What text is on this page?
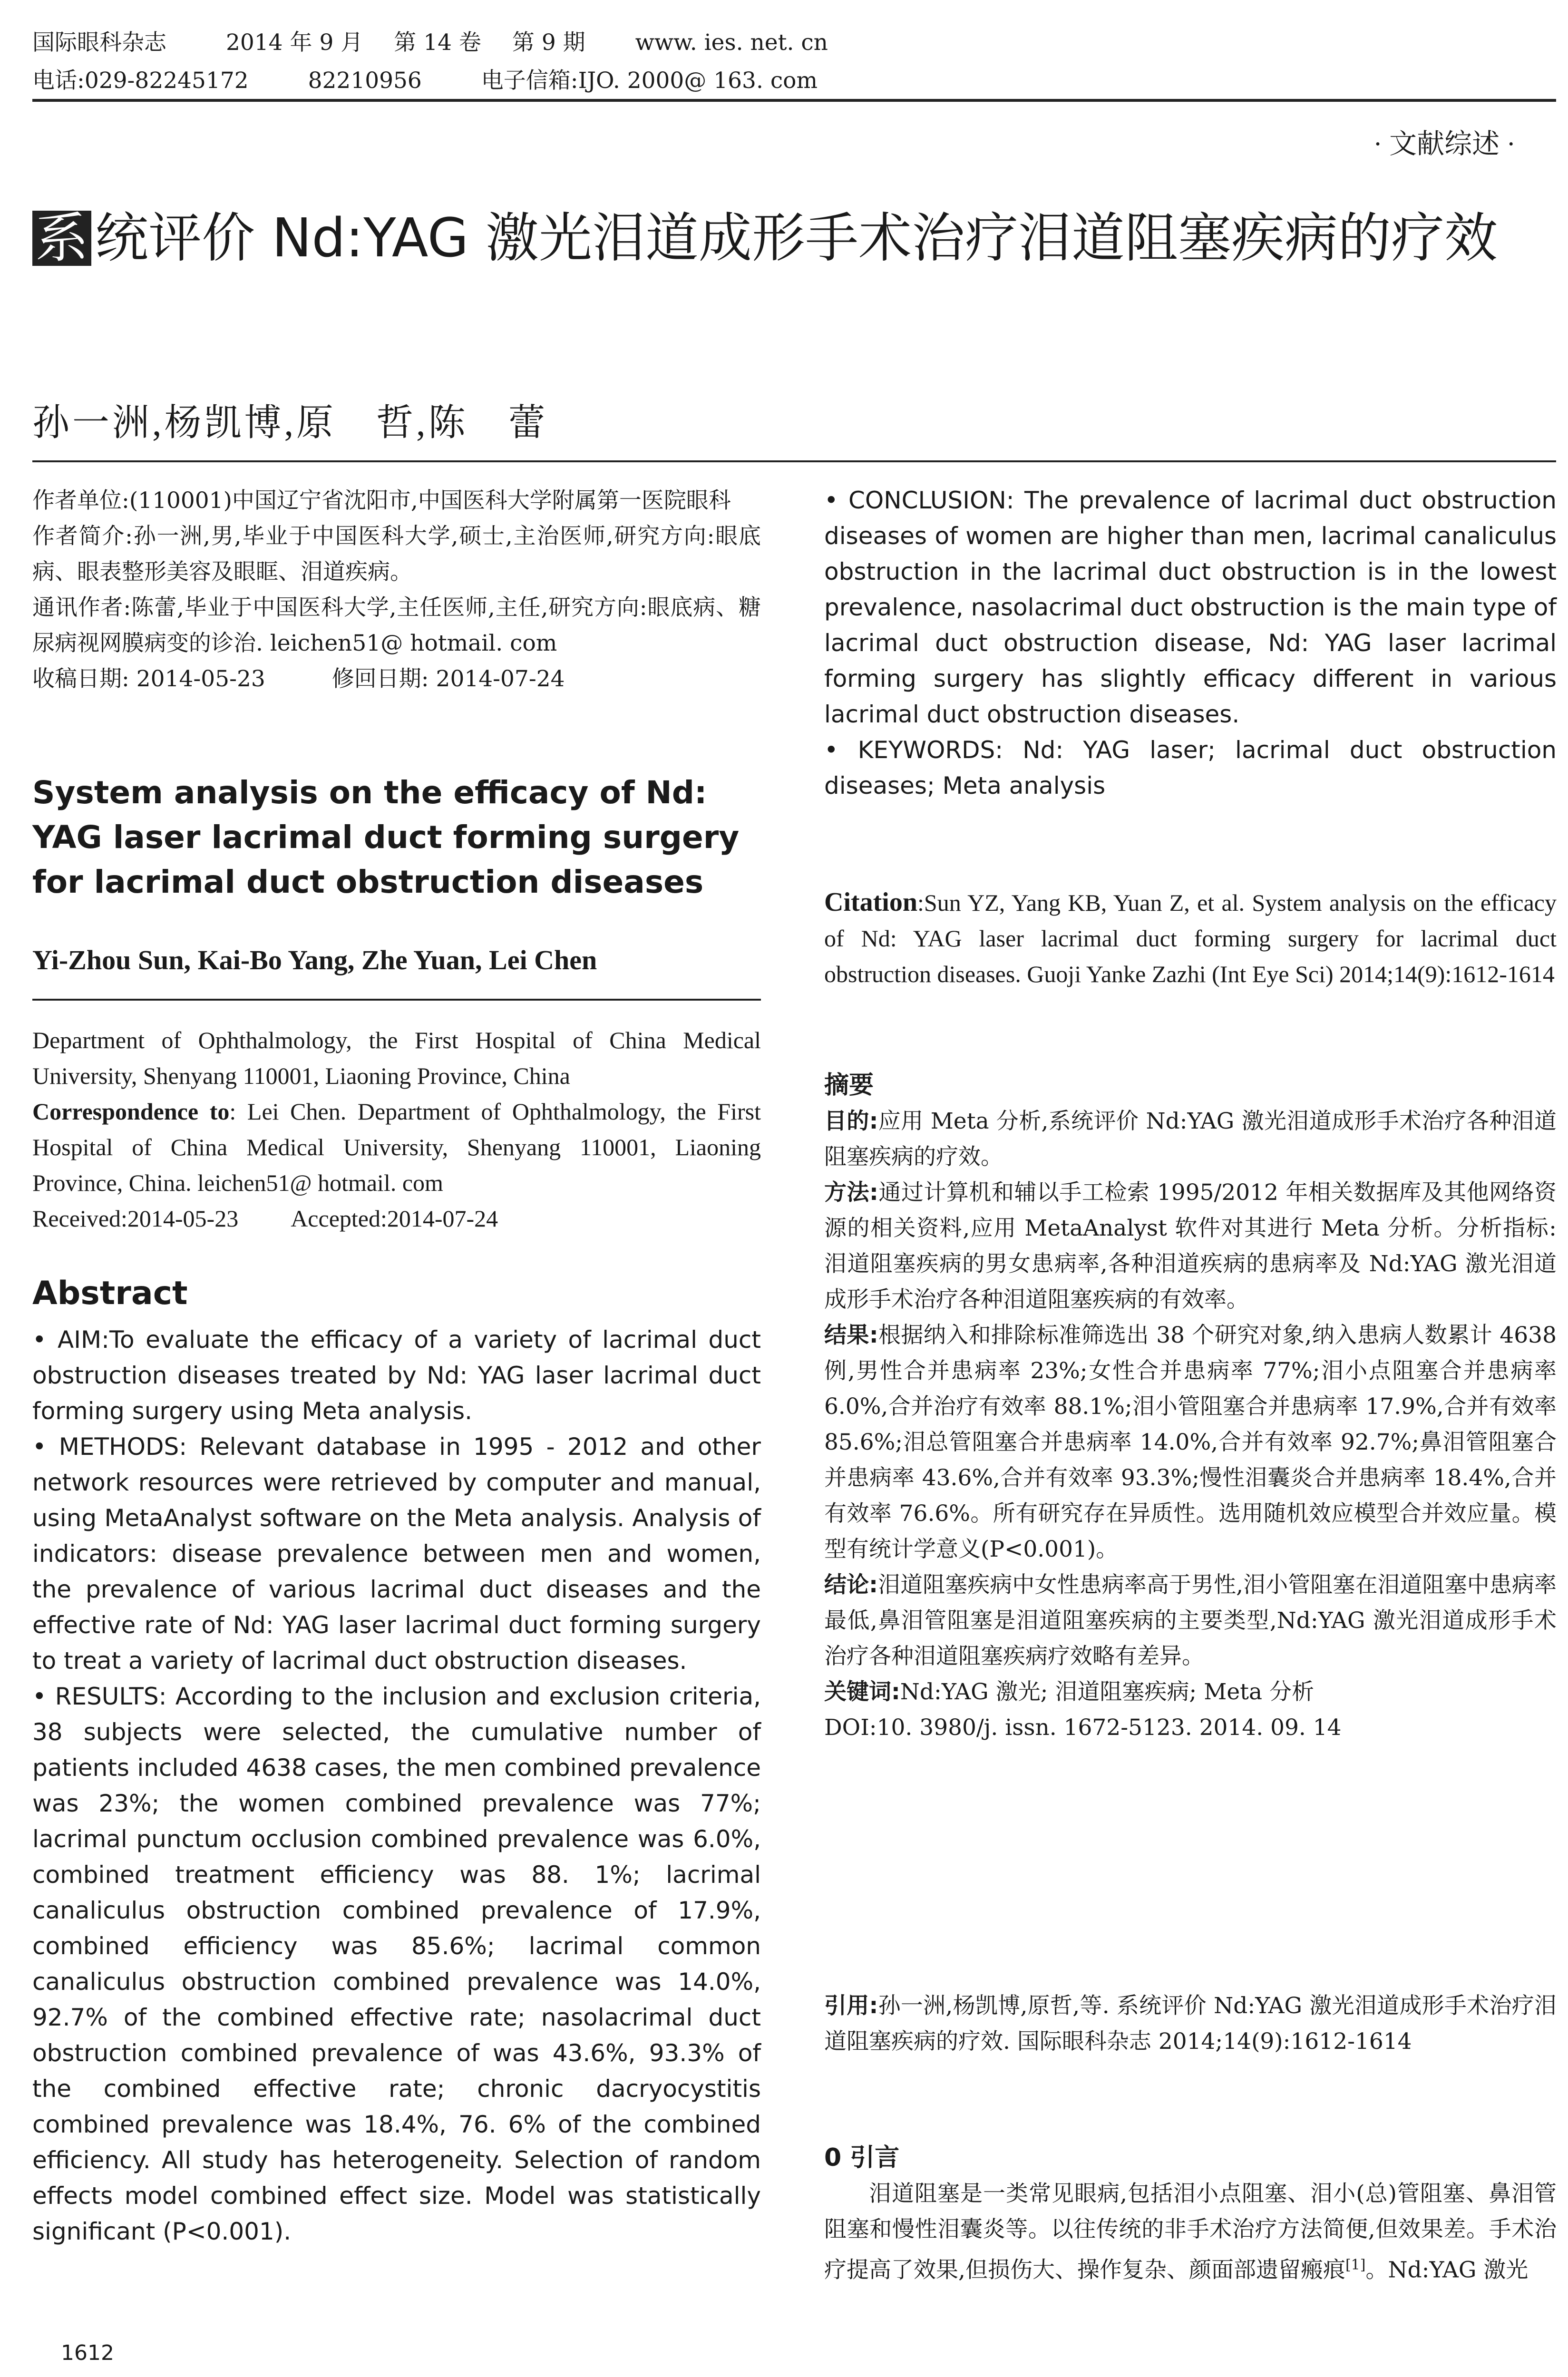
国际眼科杂志	2014 年 9 月 第 14 卷 第 9 期 www. ies. net. cn
电话:029-82245172	82210956	电子信箱:IJO. 2000@ 163. com
· 文献综述 ·
系 统评价 Nd:YAG 激光泪道成形手术治疗泪道阻塞疾病的疗效
孙一洲,杨凯博,原　哲,陈　蕾

作者单位:(110001)中国辽宁省沈阳市,中国医科大学附属第一医院眼科

作者简介:孙一洲,男,毕业于中国医科大学,硕士,主治医师,研究方向:眼底病、眼表整形美容及眼眶、泪道疾病。

通讯作者:陈蕾,毕业于中国医科大学,主任医师,主任,研究方向:眼底病、糖尿病视网膜病变的诊治. leichen51@ hotmail. com

收稿日期: 2014-05-23	修回日期: 2014-07-24

System analysis on the efficacy of Nd: YAG laser lacrimal duct forming surgery for lacrimal duct obstruction diseases
Yi-Zhou Sun, Kai-Bo Yang, Zhe Yuan, Lei Chen

Department of Ophthalmology, the First Hospital of China Medical University, Shenyang 110001, Liaoning Province, China

Correspondence to: Lei Chen. Department of Ophthalmology, the First Hospital of China Medical University, Shenyang 110001, Liaoning Province, China. leichen51@ hotmail. com

Received:2014-05-23 Accepted:2014-07-24

Abstract

• AIM:To evaluate the efficacy of a variety of lacrimal duct obstruction diseases treated by Nd: YAG laser lacrimal duct forming surgery using Meta analysis.

• METHODS: Relevant database in 1995 - 2012 and other network resources were retrieved by computer and manual, using MetaAnalyst software on the Meta analysis. Analysis of indicators: disease prevalence between men and women, the prevalence of various lacrimal duct diseases and the effective rate of Nd: YAG laser lacrimal duct forming surgery to treat a variety of lacrimal duct obstruction diseases.

• RESULTS: According to the inclusion and exclusion criteria, 38 subjects were selected, the cumulative number of patients included 4638 cases, the men combined prevalence was 23%; the women combined prevalence was 77%; lacrimal punctum occlusion combined prevalence was 6.0%, combined treatment efficiency was 88. 1%; lacrimal canaliculus obstruction combined prevalence of 17.9%, combined efficiency was 85.6%; lacrimal common canaliculus obstruction combined prevalence was 14.0%, 92.7% of the combined effective rate; nasolacrimal duct obstruction combined prevalence of was 43.6%, 93.3% of the combined effective rate; chronic dacryocystitis combined prevalence was 18.4%, 76. 6% of the combined efficiency. All study has heterogeneity. Selection of random effects model combined effect size. Model was statistically significant (P<0.001).

1612

• CONCLUSION: The prevalence of lacrimal duct obstruction diseases of women are higher than men, lacrimal canaliculus obstruction in the lacrimal duct obstruction is in the lowest prevalence, nasolacrimal duct obstruction is the main type of lacrimal duct obstruction disease, Nd: YAG laser lacrimal forming surgery has slightly efficacy different in various lacrimal duct obstruction diseases.

• KEYWORDS: Nd: YAG laser; lacrimal duct obstruction diseases; Meta analysis

Citation:Sun YZ, Yang KB, Yuan Z, et al. System analysis on the efficacy of Nd: YAG laser lacrimal duct forming surgery for lacrimal duct obstruction diseases. Guoji Yanke Zazhi (Int Eye Sci) 2014;14(9):1612-1614

摘要

目的:应用 Meta 分析,系统评价 Nd:YAG 激光泪道成形手术治疗各种泪道阻塞疾病的疗效。

方法:通过计算机和辅以手工检索 1995/2012 年相关数据库及其他网络资源的相关资料,应用 MetaAnalyst 软件对其进行 Meta 分析。分析指标:泪道阻塞疾病的男女患病率,各种泪道疾病的患病率及 Nd:YAG 激光泪道成形手术治疗各种泪道阻塞疾病的有效率。

结果:根据纳入和排除标准筛选出 38 个研究对象,纳入患病人数累计 4638 例,男性合并患病率 23%;女性合并患病率 77%;泪小点阻塞合并患病率 6.0%,合并治疗有效率 88.1%;泪小管阻塞合并患病率 17.9%,合并有效率 85.6%;泪总管阻塞合并患病率 14.0%,合并有效率 92.7%;鼻泪管阻塞合并患病率 43.6%,合并有效率 93.3%;慢性泪囊炎合并患病率 18.4%,合并有效率 76.6%。所有研究存在异质性。选用随机效应模型合并效应量。模型有统计学意义(P<0.001)。

结论:泪道阻塞疾病中女性患病率高于男性,泪小管阻塞在泪道阻塞中患病率最低,鼻泪管阻塞是泪道阻塞疾病的主要类型,Nd:YAG 激光泪道成形手术治疗各种泪道阻塞疾病疗效略有差异。

关键词:Nd:YAG 激光; 泪道阻塞疾病; Meta 分析

DOI:10. 3980/j. issn. 1672-5123. 2014. 09. 14

引用:孙一洲,杨凯博,原哲,等. 系统评价 Nd:YAG 激光泪道成形手术治疗泪道阻塞疾病的疗效. 国际眼科杂志 2014;14(9):1612-1614

0 引言

泪道阻塞是一类常见眼病,包括泪小点阻塞、泪小(总)管阻塞、鼻泪管阻塞和慢性泪囊炎等。以往传统的非手术治疗方法简便,但效果差。手术治疗提高了效果,但损伤大、操作复杂、颜面部遗留瘢痕[1]。Nd:YAG 激光
